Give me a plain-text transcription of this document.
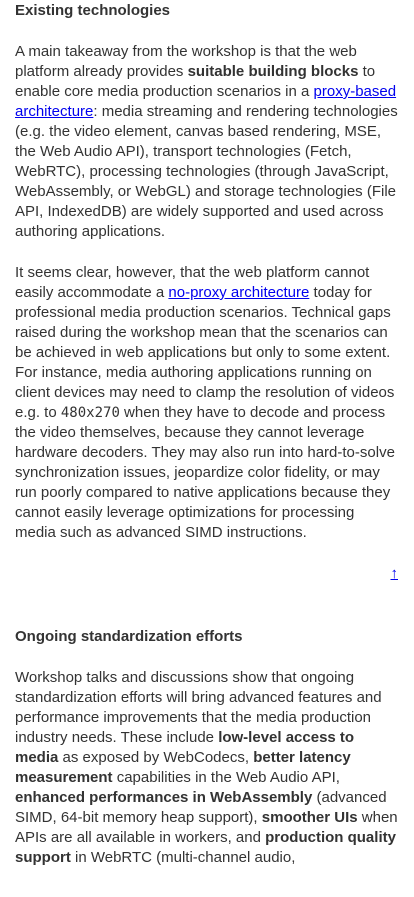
Existing technologies

A main takeaway from the workshop is that the web platform already provides suitable building blocks to enable core media production scenarios in a proxy-based architecture: media streaming and rendering technologies (e.g. the video element, canvas based rendering, MSE, the Web Audio API), transport technologies (Fetch, WebRTC), processing technologies (through JavaScript, WebAssembly, or WebGL) and storage technologies (File API, IndexedDB) are widely supported and used across authoring applications.

It seems clear, however, that the web platform cannot easily accommodate a no-proxy architecture today for professional media production scenarios. Technical gaps raised during the workshop mean that the scenarios can be achieved in web applications but only to some extent. For instance, media authoring applications running on client devices may need to clamp the resolution of videos e.g. to 480x270 when they have to decode and process the video themselves, because they cannot leverage hardware decoders. They may also run into hard-to-solve synchronization issues, jeopardize color fidelity, or may run poorly compared to native applications because they cannot easily leverage optimizations for processing media such as advanced SIMD instructions.

↑
Ongoing standardization efforts

Workshop talks and discussions show that ongoing standardization efforts will bring advanced features and performance improvements that the media production industry needs. These include low-level access to media as exposed by WebCodecs, better latency measurement capabilities in the Web Audio API, enhanced performances in WebAssembly (advanced SIMD, 64-bit memory heap support), smoother UIs when APIs are all available in workers, and production quality support in WebRTC (multi-channel audio,
